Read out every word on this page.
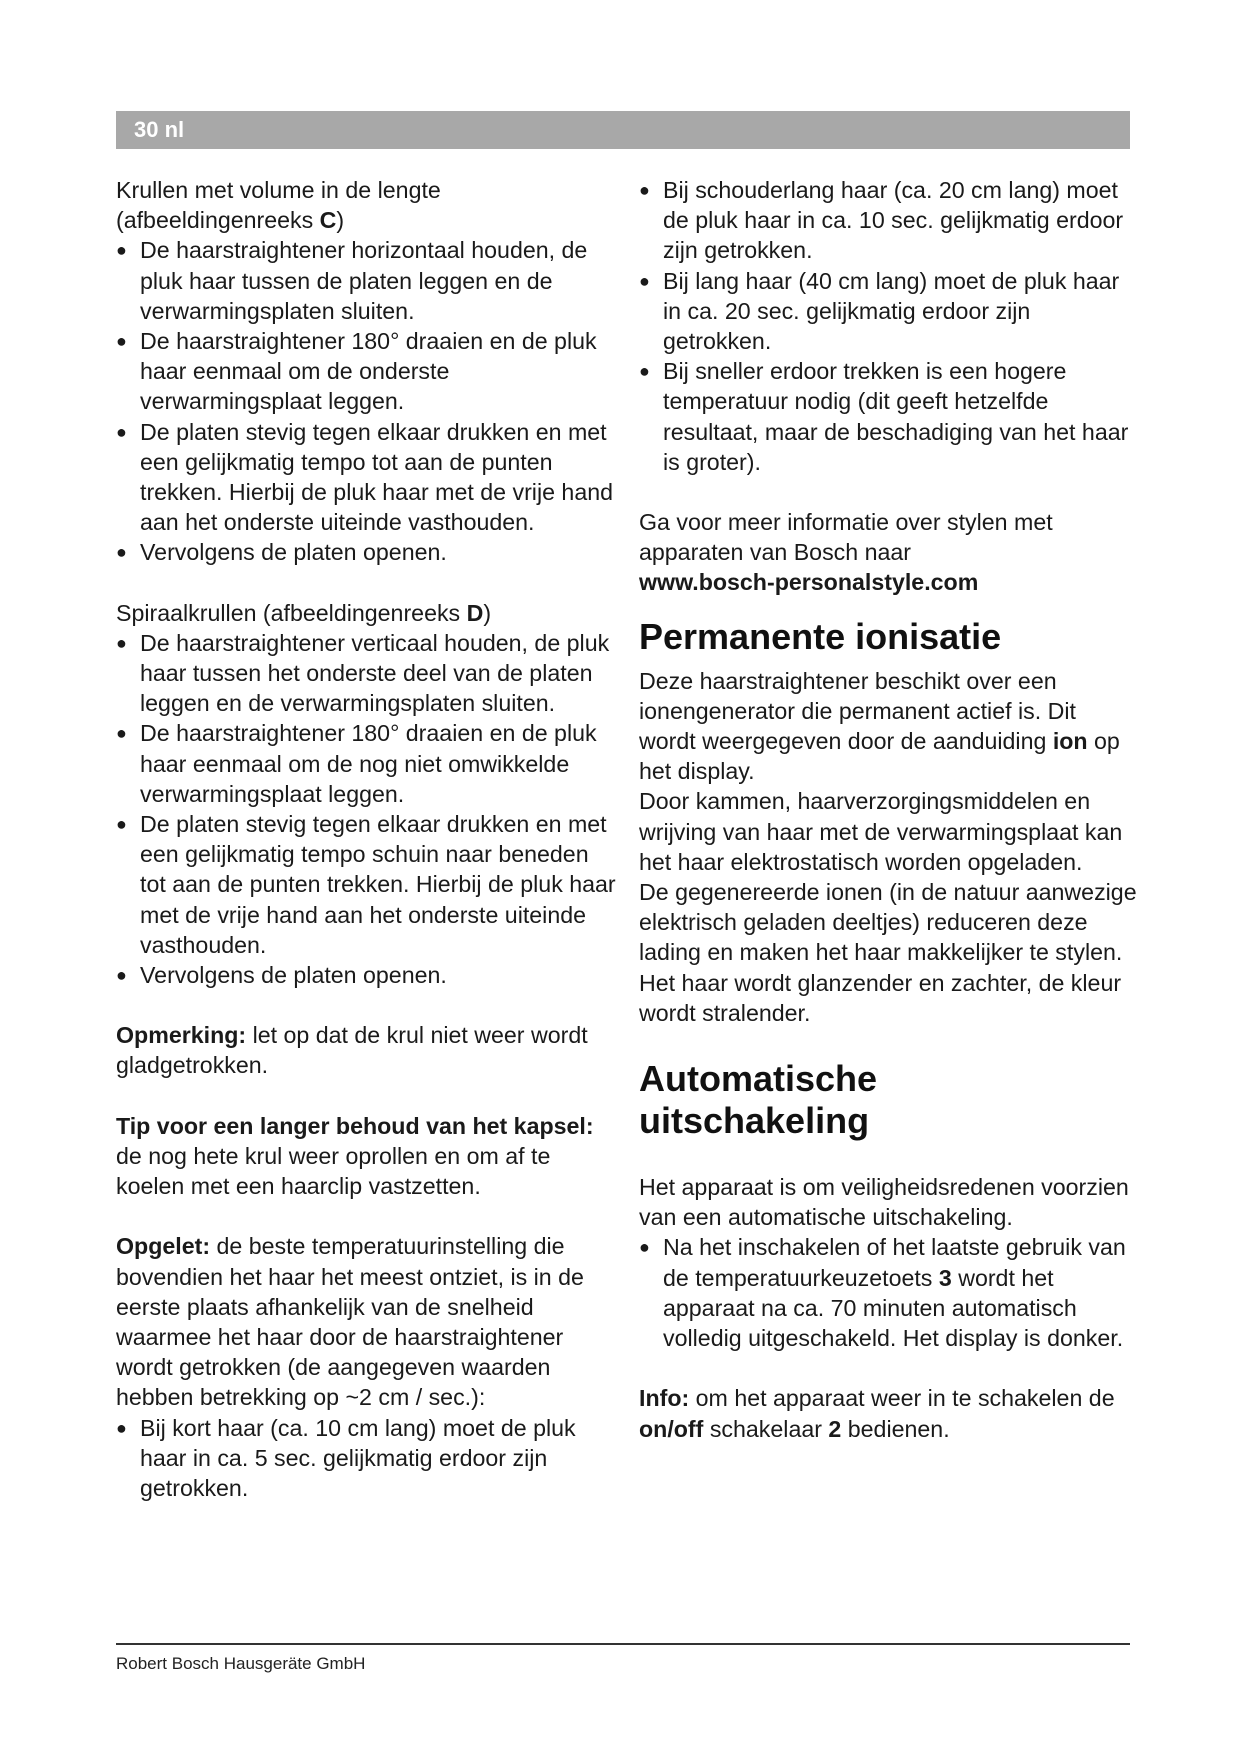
30 nl

Krullen met volume in de lengte
(afbeeldingenreeks C)

● De haarstraightener horizontaal houden, de pluk haar tussen de platen leggen en de verwarmingsplaten sluiten.
● De haarstraightener 180° draaien en de pluk haar eenmaal om de onderste verwarmingsplaat leggen.
● De platen stevig tegen elkaar drukken en met een gelijkmatig tempo tot aan de punten trekken. Hierbij de pluk haar met de vrije hand aan het onderste uiteinde vasthouden.
● Vervolgens de platen openen.

Spiraalkrullen (afbeeldingenreeks D)

● De haarstraightener verticaal houden, de pluk haar tussen het onderste deel van de platen leggen en de verwarmingsplaten sluiten.
● De haarstraightener 180° draaien en de pluk haar eenmaal om de nog niet omwikkelde verwarmingsplaat leggen.
● De platen stevig tegen elkaar drukken en met een gelijkmatig tempo schuin naar beneden tot aan de punten trekken. Hierbij de pluk haar met de vrije hand aan het onderste uiteinde vasthouden.
● Vervolgens de platen openen.

Opmerking: let op dat de krul niet weer wordt gladgetrokken.

Tip voor een langer behoud van het kapsel: de nog hete krul weer oprollen en om af te koelen met een haarclip vastzetten.

Opgelet: de beste temperatuurinstelling die bovendien het haar het meest ontziet, is in de eerste plaats afhankelijk van de snelheid waarmee het haar door de haarstraightener wordt getrokken (de aangegeven waarden hebben betrekking op ~2 cm / sec.):

● Bij kort haar (ca. 10 cm lang) moet de pluk haar in ca. 5 sec. gelijkmatig erdoor zijn getrokken.
● Bij schouderlang haar (ca. 20 cm lang) moet de pluk haar in ca. 10 sec. gelijkmatig erdoor zijn getrokken.
● Bij lang haar (40 cm lang) moet de pluk haar in ca. 20 sec. gelijkmatig erdoor zijn getrokken.
● Bij sneller erdoor trekken is een hogere temperatuur nodig (dit geeft hetzelfde resultaat, maar de beschadiging van het haar is groter).

Ga voor meer informatie over stylen met apparaten van Bosch naar
www.bosch-personalstyle.com

Permanente ionisatie

Deze haarstraightener beschikt over een ionengenerator die permanent actief is. Dit wordt weergegeven door de aanduiding ion op het display.

Door kammen, haarverzorgingsmiddelen en wrijving van haar met de verwarmingsplaat kan het haar elektrostatisch worden opgeladen.

De gegenereerde ionen (in de natuur aanwezige elektrisch geladen deeltjes) reduceren deze lading en maken het haar makkelijker te stylen.

Het haar wordt glanzender en zachter, de kleur wordt stralender.

Automatische
uitschakeling

Het apparaat is om veiligheidsredenen voorzien van een automatische uitschakeling.

● Na het inschakelen of het laatste gebruik van de temperatuurkeuzetoets 3 wordt het apparaat na ca. 70 minuten automatisch volledig uitgeschakeld. Het display is donker.

Info: om het apparaat weer in te schakelen de on/off schakelaar 2 bedienen.

Robert Bosch Hausgeräte GmbH
